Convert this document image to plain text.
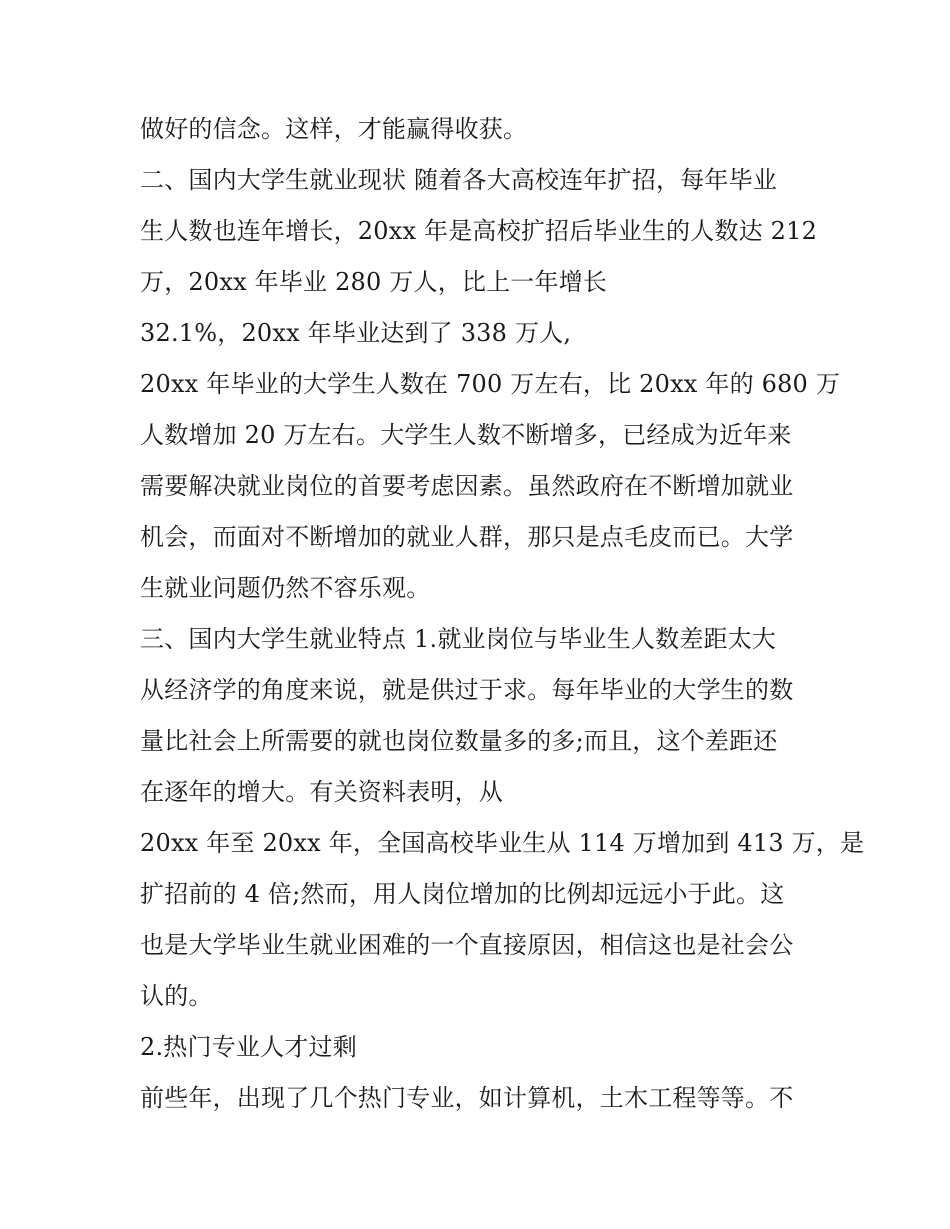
做好的信念。这样，才能赢得收获。
二、国内大学生就业现状 随着各大高校连年扩招，每年毕业
生人数也连年增长，20xx 年是高校扩招后毕业生的人数达 212
万，20xx 年毕业 280 万人，比上一年增长
32.1%，20xx 年毕业达到了 338 万人,
20xx 年毕业的大学生人数在 700 万左右，比 20xx 年的 680 万
人数增加 20 万左右。大学生人数不断增多，已经成为近年来
需要解决就业岗位的首要考虑因素。虽然政府在不断增加就业
机会，而面对不断增加的就业人群，那只是点毛皮而已。大学
生就业问题仍然不容乐观。
三、国内大学生就业特点 1.就业岗位与毕业生人数差距太大
从经济学的角度来说，就是供过于求。每年毕业的大学生的数
量比社会上所需要的就也岗位数量多的多;而且，这个差距还
在逐年的增大。有关资料表明，从
20xx 年至 20xx 年，全国高校毕业生从 114 万增加到 413 万，是
扩招前的 4 倍;然而，用人岗位增加的比例却远远小于此。这
也是大学毕业生就业困难的一个直接原因，相信这也是社会公
认的。
2.热门专业人才过剩
前些年，出现了几个热门专业，如计算机，土木工程等等。不
